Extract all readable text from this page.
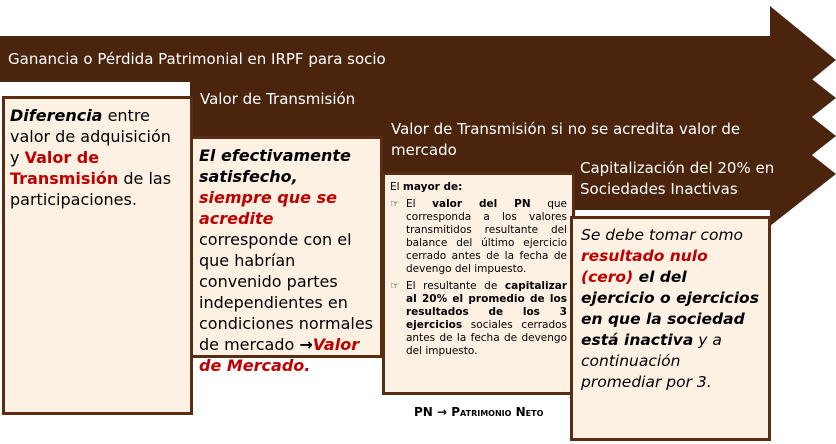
Ganancia o Pérdida Patrimonial en IRPF para socio
Valor de Transmisión
Valor de Transmisión si no se acredita valor de
mercado
Capitalización del 20% en
Sociedades Inactivas
Diferencia entre valor de adquisición y Valor de Transmisión de las participaciones.
El efectivamente satisfecho, siempre que se acredite corresponde con el que habrían convenido partes independientes en condiciones normales de mercado →Valor de Mercado.
El mayor de:
☞ El valor del PN que corresponda a los valores transmitidos resultante del balance del último ejercicio cerrado antes de la fecha de devengo del impuesto.
☞ El resultante de capitalizar al 20% el promedio de los resultados de los 3 ejercicios sociales cerrados antes de la fecha de devengo del impuesto.
Se debe tomar como resultado nulo (cero) el del ejercicio o ejercicios en que la sociedad está inactiva y a continuación promediar por 3.
PN → Patrimonio Neto
